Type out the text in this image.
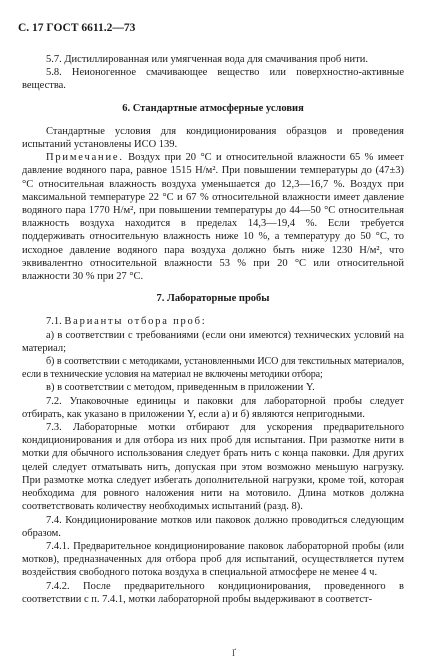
С. 17 ГОСТ 6611.2—73

5.7. Дистиллированная или умягченная вода для смачивания проб нити.

5.8. Неионогенное смачивающее вещество или поверхностно-активные вещества.

6. Стандартные атмосферные условия

Стандартные условия для кондиционирования образцов и проведения испытаний установлены ИСО 139.

Примечание. Воздух при 20 °С и относительной влажности 65 % имеет давление водяного пара, равное 1515 Н/м². При повышении температуры до (47±3) °С относительная влажность воздуха уменьшается до 12,3—16,7 %. Воздух при максимальной температуре 22 °С и 67 % относительной влажности имеет давление водяного пара 1770 Н/м², при повышении температуры до 44—50 °С относительная влажность воздуха находится в пределах 14,3—19,4 %. Если требуется поддерживать относительную влажность ниже 10 %, а температуру до 50 °С, то исходное давление водяного пара воздуха должно быть ниже 1230 Н/м², что эквивалентно относительной влажности 53 % при 20 °С или относительной влажности 30 % при 27 °С.

7. Лабораторные пробы

7.1. Варианты отбора проб:

а) в соответствии с требованиями (если они имеются) технических условий на материал;

б) в соответствии с методиками, установленными ИСО для текстильных материалов, если в технические условия на материал не включены методики отбора;

в) в соответствии с методом, приведенным в приложении Y.

7.2. Упаковочные единицы и паковки для лабораторной пробы следует отбирать, как указано в приложении Y, если а) и б) являются непригодными.

7.3. Лабораторные мотки отбирают для ускорения предварительного кондиционирования и для отбора из них проб для испытания. При размотке нити в мотки для обычного использования следует брать нить с конца паковки. Для других целей следует отматывать нить, допуская при этом возможно меньшую нагрузку. При размотке мотка следует избегать дополнительной нагрузки, кроме той, которая необходима для ровного наложения нити на мотовило. Длина мотков должна соответствовать количеству необходимых испытаний (разд. 8).

7.4. Кондиционирование мотков или паковок должно проводиться следующим образом.

7.4.1. Предварительное кондиционирование паковок лабораторной пробы (или мотков), предназначенных для отбора проб для испытаний, осуществляется путем воздействия свободного потока воздуха в специальной атмосфере не менее 4 ч.

7.4.2. После предварительного кондиционирования, проведенного в соответствии с п. 7.4.1, мотки лабораторной пробы выдерживают в соответст-

Ґ
